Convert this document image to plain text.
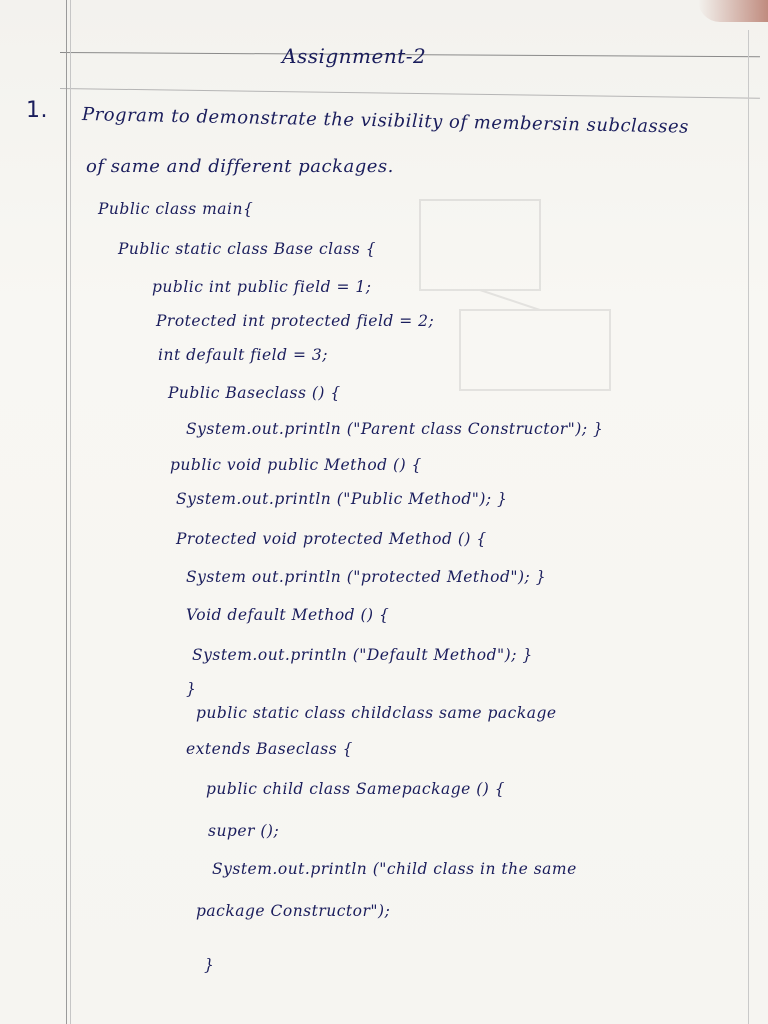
Assignment-2
1. Program to demonstrate the visibility of membersin subclasses
of same and different packages.
Public class main{
Public static class Base class {
public int public field = 1;
Protected int protected field = 2;
int default field = 3;
Public Baseclass () {
System.out.println ("Parent class Constructor"); }
public void public Method () {
System.out.println ("Public Method"); }
Protected void protected Method () {
System out.println ("protected Method"); }
Void default Method () {
System.out.println ("Default Method"); }
}
public static class childclass same package
extends Baseclass {
public child class Samepackage () {
super ();
System.out.println ("child class in the same
package Constructor");
}
